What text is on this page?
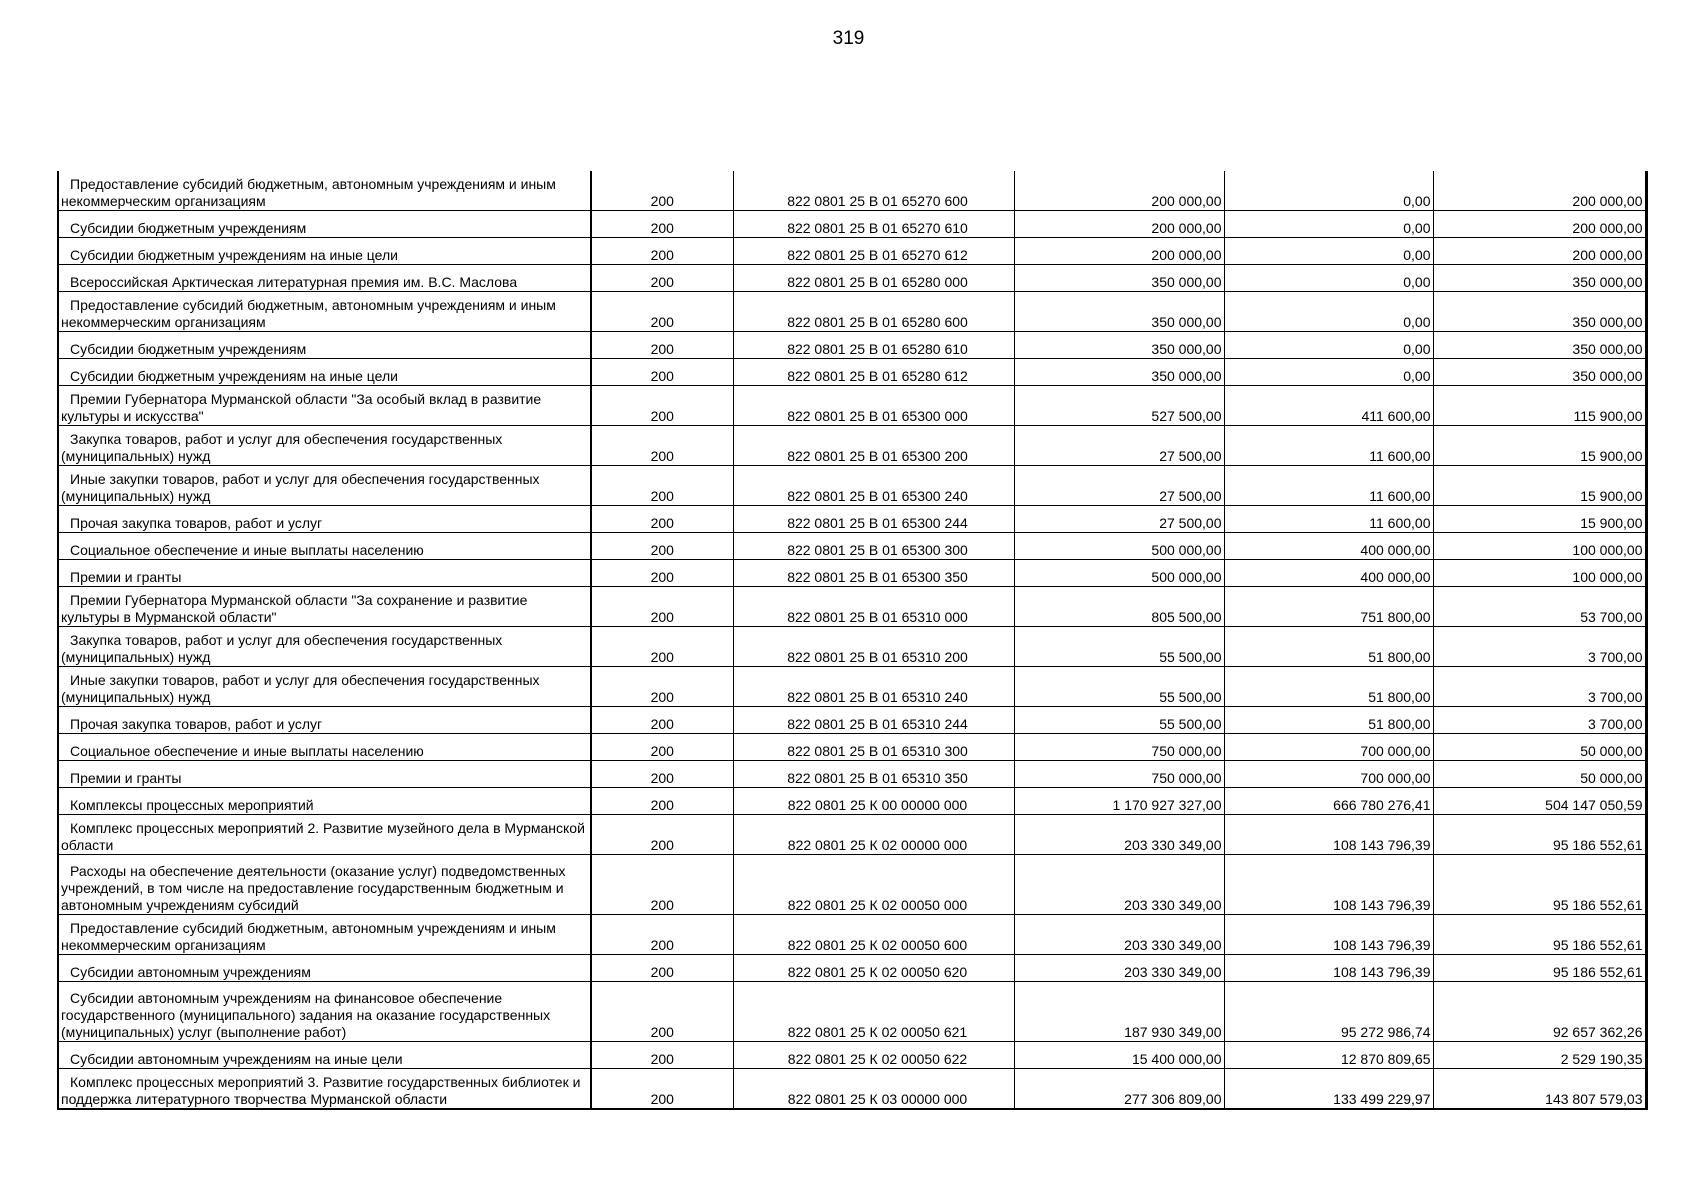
319
Предоставление субсидий бюджетным, автономным учреждениям и иным некоммерческим организациям	200	822 0801 25 В 01 65270 600	200 000,00	0,00	200 000,00
Субсидии бюджетным учреждениям	200	822 0801 25 В 01 65270 610	200 000,00	0,00	200 000,00
Субсидии бюджетным учреждениям на иные цели	200	822 0801 25 В 01 65270 612	200 000,00	0,00	200 000,00
Всероссийская Арктическая литературная премия им. В.С. Маслова	200	822 0801 25 В 01 65280 000	350 000,00	0,00	350 000,00
Предоставление субсидий бюджетным, автономным учреждениям и иным некоммерческим организациям	200	822 0801 25 В 01 65280 600	350 000,00	0,00	350 000,00
Субсидии бюджетным учреждениям	200	822 0801 25 В 01 65280 610	350 000,00	0,00	350 000,00
Субсидии бюджетным учреждениям на иные цели	200	822 0801 25 В 01 65280 612	350 000,00	0,00	350 000,00
Премии Губернатора Мурманской области "За особый вклад в развитие культуры и искусства"	200	822 0801 25 В 01 65300 000	527 500,00	411 600,00	115 900,00
Закупка товаров, работ и услуг для обеспечения государственных (муниципальных) нужд	200	822 0801 25 В 01 65300 200	27 500,00	11 600,00	15 900,00
Иные закупки товаров, работ и услуг для обеспечения государственных (муниципальных) нужд	200	822 0801 25 В 01 65300 240	27 500,00	11 600,00	15 900,00
Прочая закупка товаров, работ и услуг	200	822 0801 25 В 01 65300 244	27 500,00	11 600,00	15 900,00
Социальное обеспечение и иные выплаты населению	200	822 0801 25 В 01 65300 300	500 000,00	400 000,00	100 000,00
Премии и гранты	200	822 0801 25 В 01 65300 350	500 000,00	400 000,00	100 000,00
Премии Губернатора Мурманской области "За сохранение и развитие культуры в Мурманской области"	200	822 0801 25 В 01 65310 000	805 500,00	751 800,00	53 700,00
Закупка товаров, работ и услуг для обеспечения государственных (муниципальных) нужд	200	822 0801 25 В 01 65310 200	55 500,00	51 800,00	3 700,00
Иные закупки товаров, работ и услуг для обеспечения государственных (муниципальных) нужд	200	822 0801 25 В 01 65310 240	55 500,00	51 800,00	3 700,00
Прочая закупка товаров, работ и услуг	200	822 0801 25 В 01 65310 244	55 500,00	51 800,00	3 700,00
Социальное обеспечение и иные выплаты населению	200	822 0801 25 В 01 65310 300	750 000,00	700 000,00	50 000,00
Премии и гранты	200	822 0801 25 В 01 65310 350	750 000,00	700 000,00	50 000,00
Комплексы процессных мероприятий	200	822 0801 25 К 00 00000 000	1 170 927 327,00	666 780 276,41	504 147 050,59
Комплекс процессных мероприятий 2. Развитие музейного дела в Мурманской области	200	822 0801 25 К 02 00000 000	203 330 349,00	108 143 796,39	95 186 552,61
Расходы на обеспечение деятельности (оказание услуг) подведомственных учреждений, в том числе на предоставление государственным бюджетным и автономным учреждениям субсидий	200	822 0801 25 К 02 00050 000	203 330 349,00	108 143 796,39	95 186 552,61
Предоставление субсидий бюджетным, автономным учреждениям и иным некоммерческим организациям	200	822 0801 25 К 02 00050 600	203 330 349,00	108 143 796,39	95 186 552,61
Субсидии автономным учреждениям	200	822 0801 25 К 02 00050 620	203 330 349,00	108 143 796,39	95 186 552,61
Субсидии автономным учреждениям на финансовое обеспечение государственного (муниципального) задания на оказание государственных (муниципальных) услуг (выполнение работ)	200	822 0801 25 К 02 00050 621	187 930 349,00	95 272 986,74	92 657 362,26
Субсидии автономным учреждениям на иные цели	200	822 0801 25 К 02 00050 622	15 400 000,00	12 870 809,65	2 529 190,35
Комплекс процессных мероприятий 3. Развитие государственных библиотек и поддержка литературного творчества Мурманской области	200	822 0801 25 К 03 00000 000	277 306 809,00	133 499 229,97	143 807 579,03
